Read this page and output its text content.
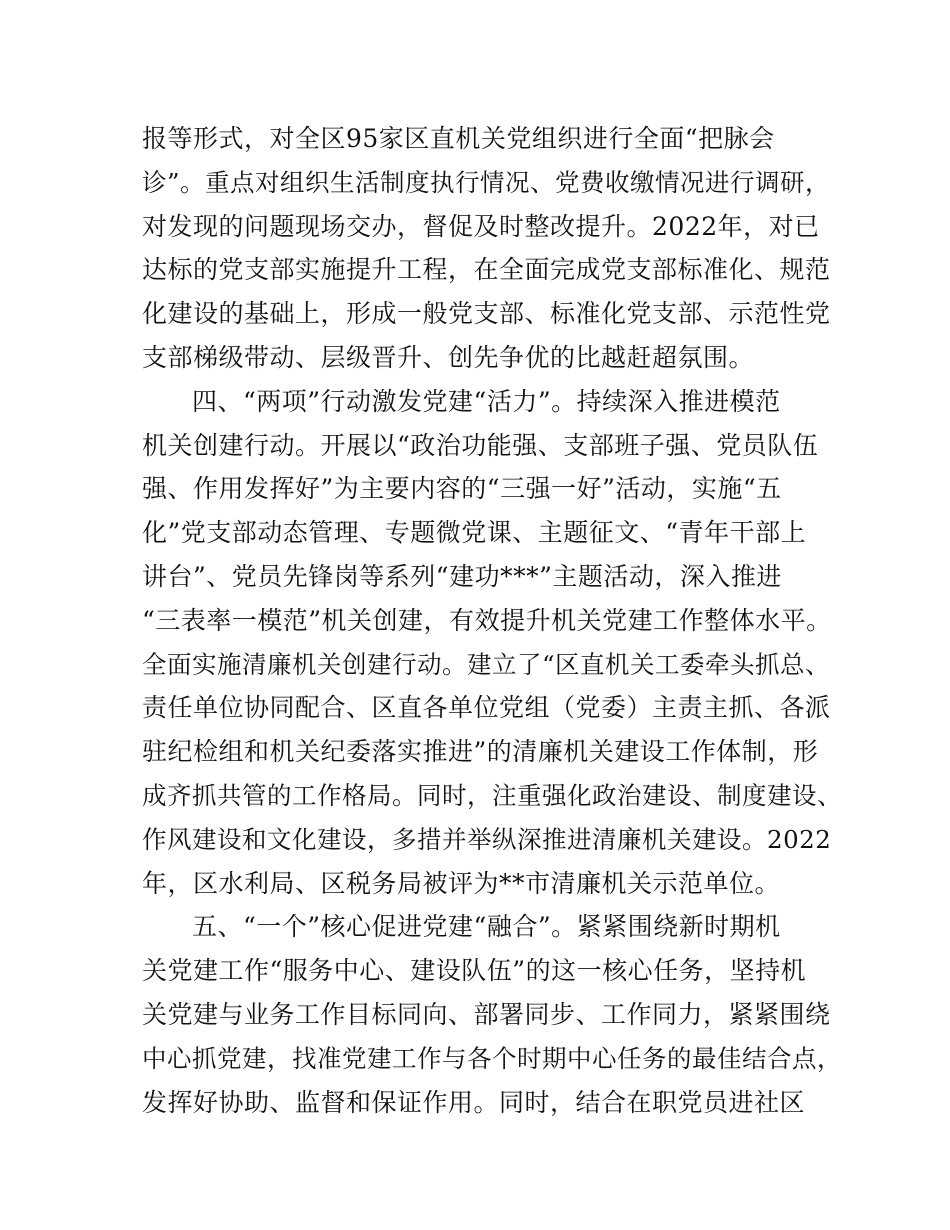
报等形式，对全区95家区直机关党组织进行全面“把脉会
诊”。重点对组织生活制度执行情况、党费收缴情况进行调研，
对发现的问题现场交办，督促及时整改提升。2022年，对已
达标的党支部实施提升工程，在全面完成党支部标准化、规范
化建设的基础上，形成一般党支部、标准化党支部、示范性党
支部梯级带动、层级晋升、创先争优的比越赶超氛围。
四、“两项”行动激发党建“活力”。持续深入推进模范
机关创建行动。开展以“政治功能强、支部班子强、党员队伍
强、作用发挥好”为主要内容的“三强一好”活动，实施“五
化”党支部动态管理、专题微党课、主题征文、“青年干部上
讲台”、党员先锋岗等系列“建功***”主题活动，深入推进
“三表率一模范”机关创建，有效提升机关党建工作整体水平。
全面实施清廉机关创建行动。建立了“区直机关工委牵头抓总、
责任单位协同配合、区直各单位党组（党委）主责主抓、各派
驻纪检组和机关纪委落实推进”的清廉机关建设工作体制，形
成齐抓共管的工作格局。同时，注重强化政治建设、制度建设、
作风建设和文化建设，多措并举纵深推进清廉机关建设。2022
年，区水利局、区税务局被评为**市清廉机关示范单位。
五、“一个”核心促进党建“融合”。紧紧围绕新时期机
关党建工作“服务中心、建设队伍”的这一核心任务，坚持机
关党建与业务工作目标同向、部署同步、工作同力，紧紧围绕
中心抓党建，找准党建工作与各个时期中心任务的最佳结合点，
发挥好协助、监督和保证作用。同时，结合在职党员进社区
